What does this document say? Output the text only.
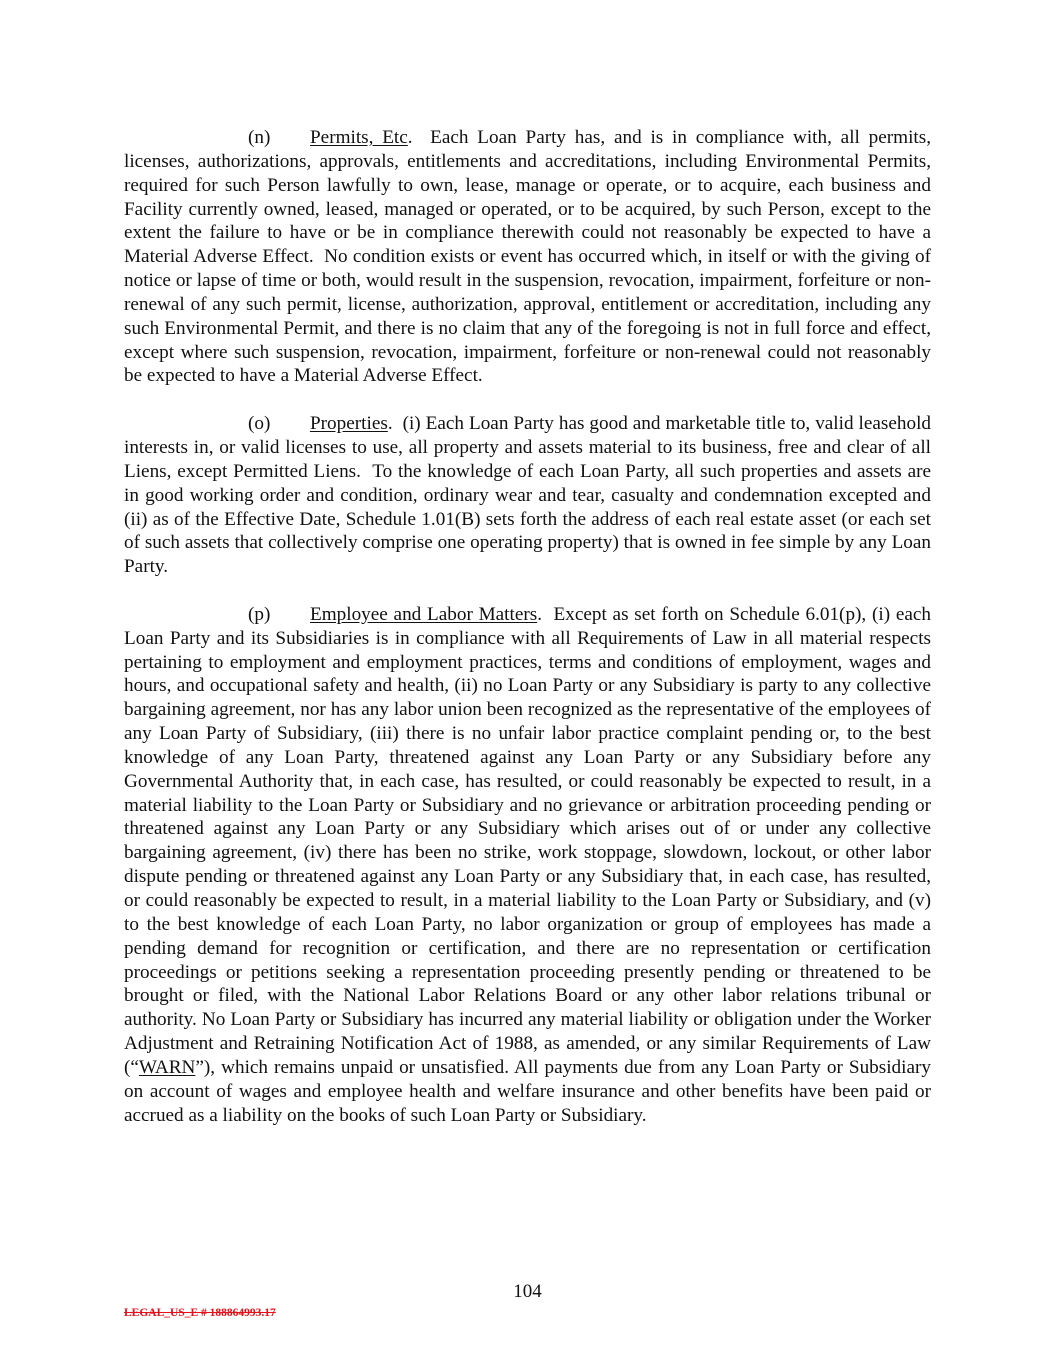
(n) Permits, Etc.  Each Loan Party has, and is in compliance with, all permits, licenses, authorizations, approvals, entitlements and accreditations, including Environmental Permits, required for such Person lawfully to own, lease, manage or operate, or to acquire, each business and Facility currently owned, leased, managed or operated, or to be acquired, by such Person, except to the extent the failure to have or be in compliance therewith could not reasonably be expected to have a Material Adverse Effect.  No condition exists or event has occurred which, in itself or with the giving of notice or lapse of time or both, would result in the suspension, revocation, impairment, forfeiture or non-renewal of any such permit, license, authorization, approval, entitlement or accreditation, including any such Environmental Permit, and there is no claim that any of the foregoing is not in full force and effect, except where such suspension, revocation, impairment, forfeiture or non-renewal could not reasonably be expected to have a Material Adverse Effect.

(o) Properties.  (i) Each Loan Party has good and marketable title to, valid leasehold interests in, or valid licenses to use, all property and assets material to its business, free and clear of all Liens, except Permitted Liens.  To the knowledge of each Loan Party, all such properties and assets are in good working order and condition, ordinary wear and tear, casualty and condemnation excepted and (ii) as of the Effective Date, Schedule 1.01(B) sets forth the address of each real estate asset (or each set of such assets that collectively comprise one operating property) that is owned in fee simple by any Loan Party.

(p) Employee and Labor Matters.  Except as set forth on Schedule 6.01(p), (i) each Loan Party and its Subsidiaries is in compliance with all Requirements of Law in all material respects pertaining to employment and employment practices, terms and conditions of employment, wages and hours, and occupational safety and health, (ii) no Loan Party or any Subsidiary is party to any collective bargaining agreement, nor has any labor union been recognized as the representative of the employees of any Loan Party of Subsidiary, (iii) there is no unfair labor practice complaint pending or, to the best knowledge of any Loan Party, threatened against any Loan Party or any Subsidiary before any Governmental Authority that, in each case, has resulted, or could reasonably be expected to result, in a material liability to the Loan Party or Subsidiary and no grievance or arbitration proceeding pending or threatened against any Loan Party or any Subsidiary which arises out of or under any collective bargaining agreement, (iv) there has been no strike, work stoppage, slowdown, lockout, or other labor dispute pending or threatened against any Loan Party or any Subsidiary that, in each case, has resulted, or could reasonably be expected to result, in a material liability to the Loan Party or Subsidiary, and (v) to the best knowledge of each Loan Party, no labor organization or group of employees has made a pending demand for recognition or certification, and there are no representation or certification proceedings or petitions seeking a representation proceeding presently pending or threatened to be brought or filed, with the National Labor Relations Board or any other labor relations tribunal or authority. No Loan Party or Subsidiary has incurred any material liability or obligation under the Worker Adjustment and Retraining Notification Act of 1988, as amended, or any similar Requirements of Law (“WARN”), which remains unpaid or unsatisfied. All payments due from any Loan Party or Subsidiary on account of wages and employee health and welfare insurance and other benefits have been paid or accrued as a liability on the books of such Loan Party or Subsidiary.

104
LEGAL_US_E # 188864993.17
